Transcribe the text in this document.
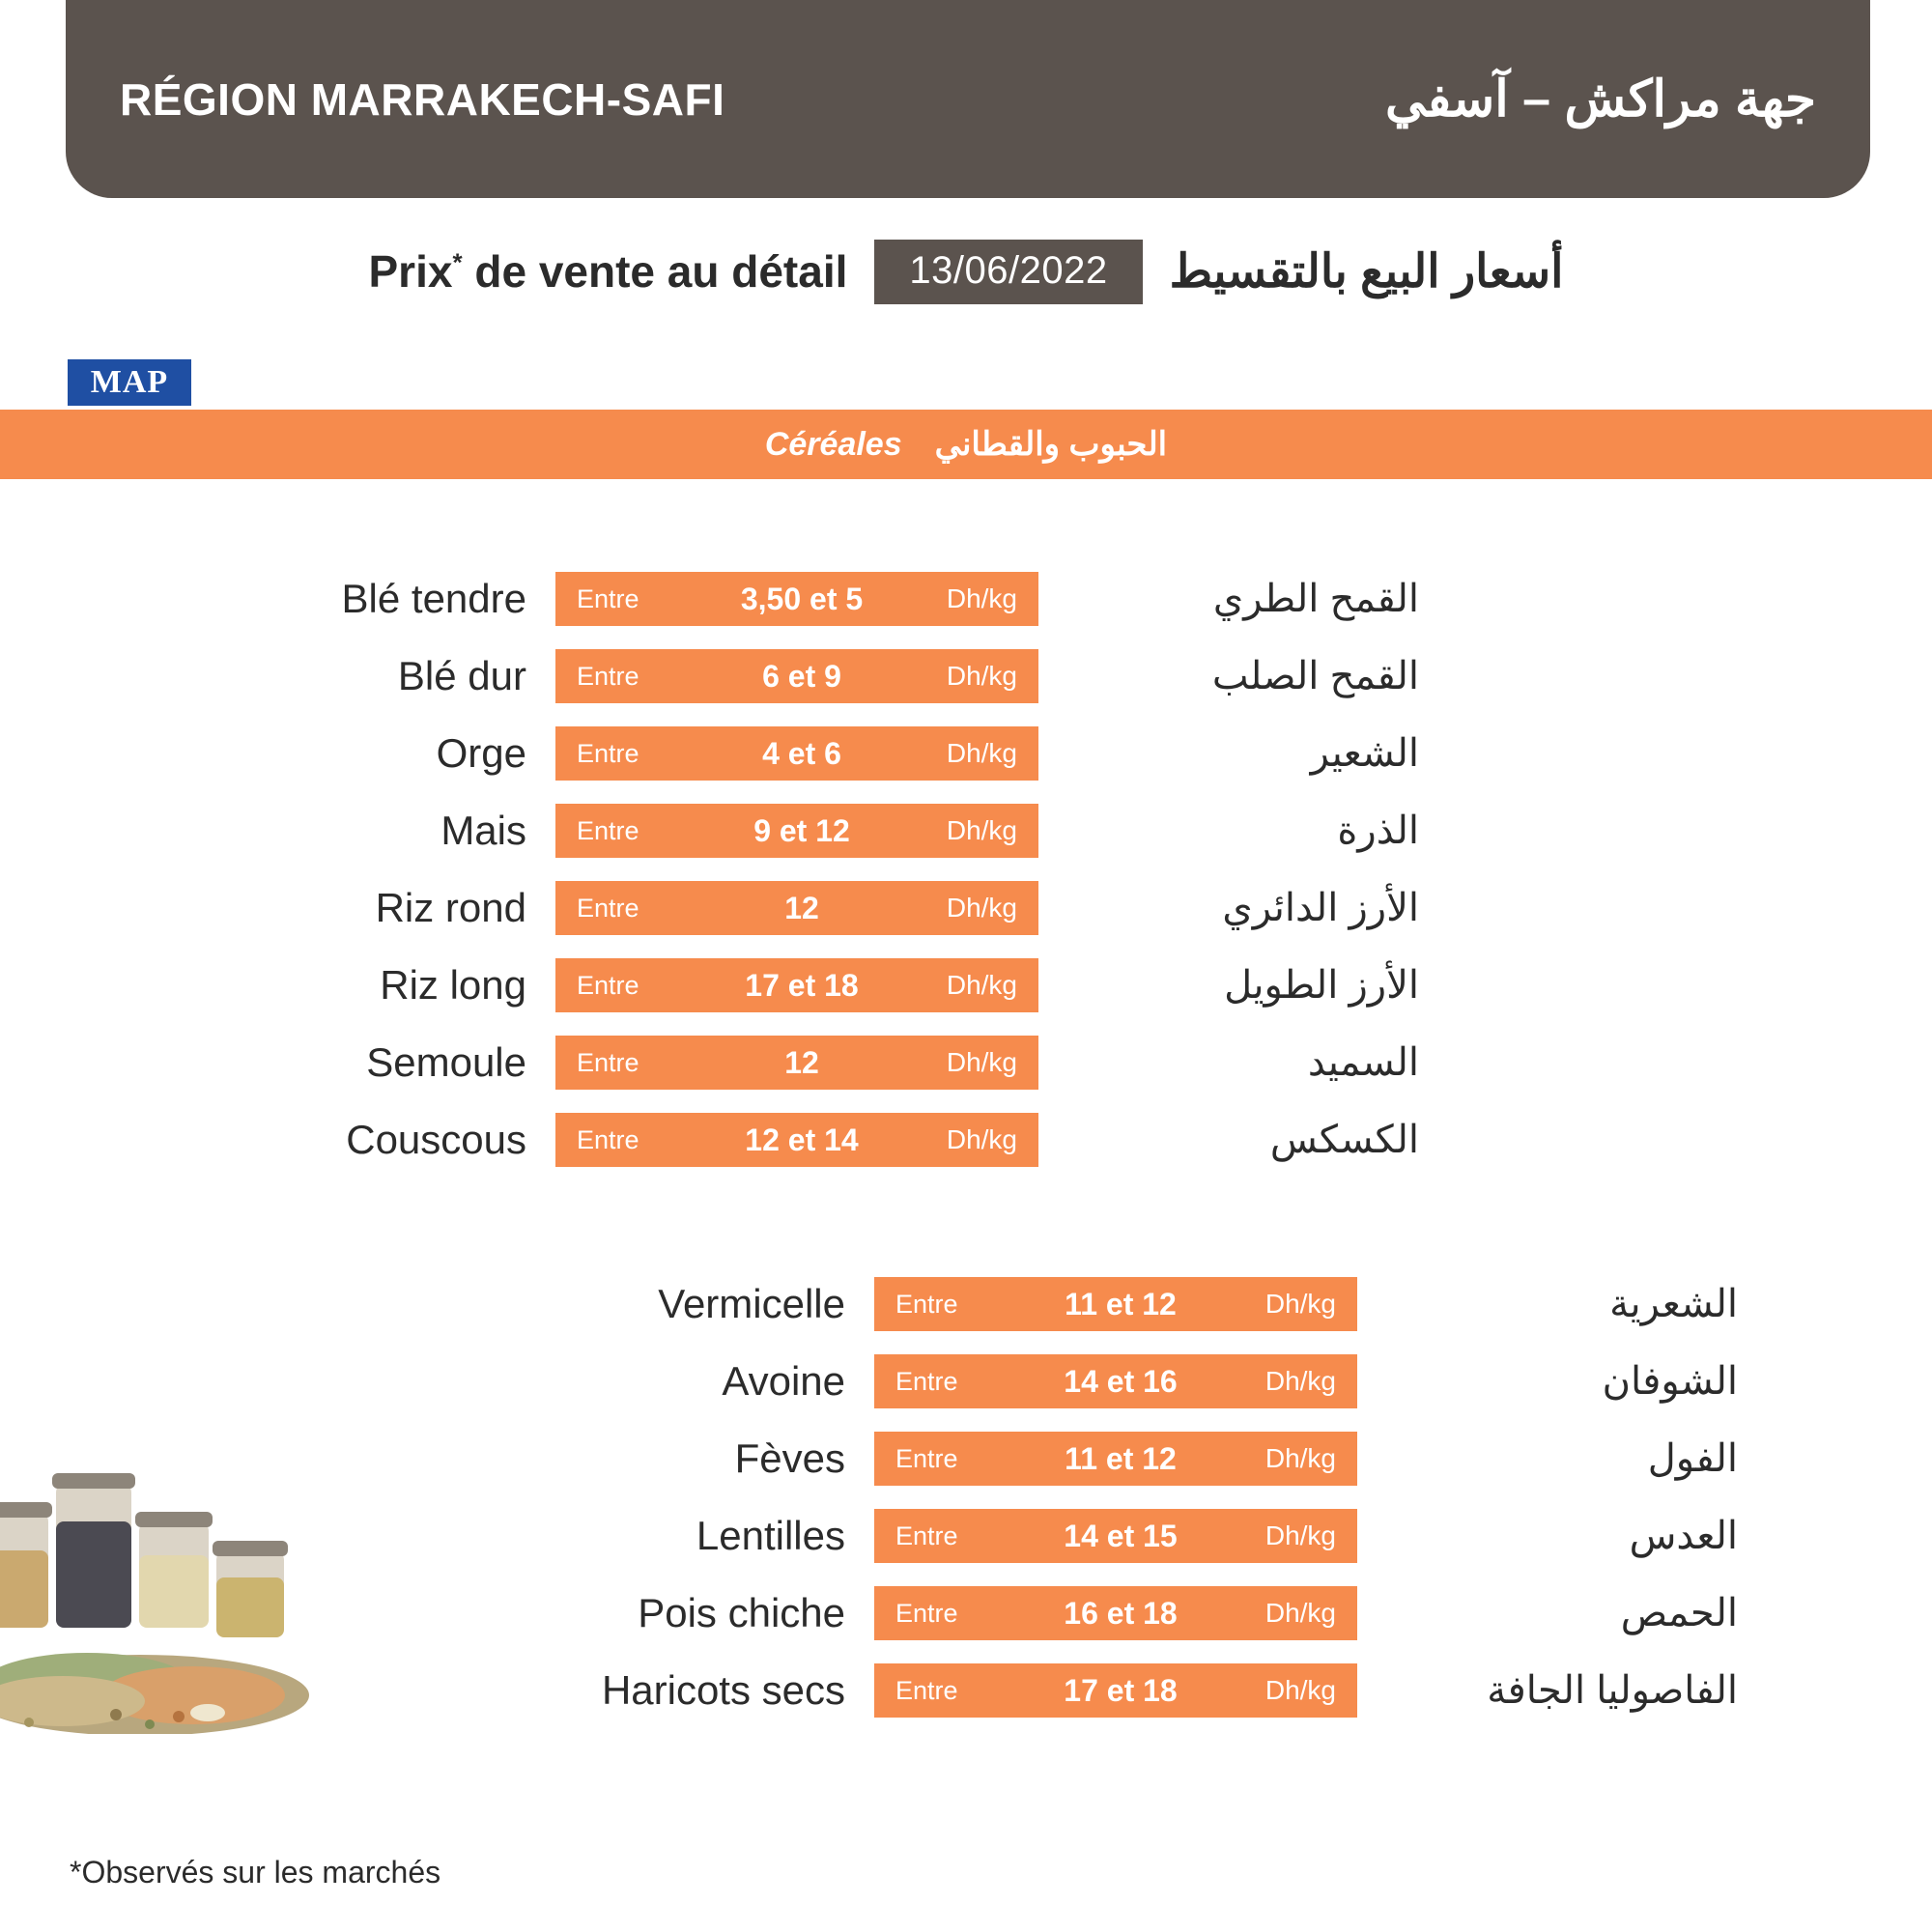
RÉGION MARRAKECH-SAFI	جهة مراكش – آسفي
Prix* de vente au détail	13/06/2022	أسعار البيع بالتقسيط
MAP
Céréales الحبوب والقطاني
Blé tendre	Entre	3,50 et 5	Dh/kg	القمح الطري
Blé dur	Entre	6 et 9	Dh/kg	القمح الصلب
Orge	Entre	4 et 6	Dh/kg	الشعير
Mais	Entre	9 et 12	Dh/kg	الذرة
Riz rond	Entre	12	Dh/kg	الأرز الدائري
Riz long	Entre	17 et 18	Dh/kg	الأرز الطويل
Semoule	Entre	12	Dh/kg	السميد
Couscous	Entre	12 et 14	Dh/kg	الكسكس
Vermicelle	Entre	11 et 12	Dh/kg	الشعرية
Avoine	Entre	14 et 16	Dh/kg	الشوفان
Fèves	Entre	11 et 12	Dh/kg	الفول
Lentilles	Entre	14 et 15	Dh/kg	العدس
Pois chiche	Entre	16 et 18	Dh/kg	الحمص
Haricots secs	Entre	17 et 18	Dh/kg	الفاصوليا الجافة
*Observés sur les marchés
